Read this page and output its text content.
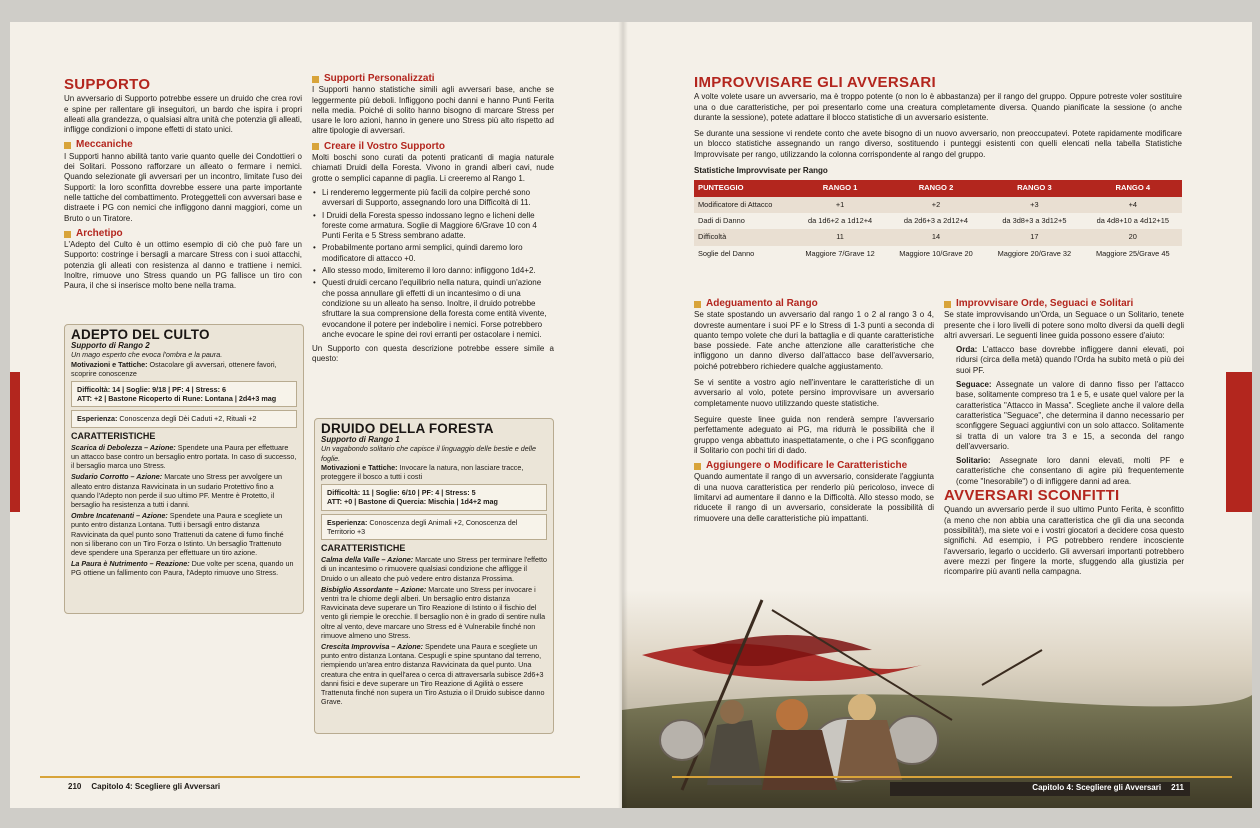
SUPPORTO

Un avversario di Supporto potrebbe essere un druido che crea rovi e spine per rallentare gli inseguitori, un bardo che ispira i propri alleati alla grandezza, o qualsiasi altra unità che potenzia gli alleati, infligge condizioni o impone effetti di stato unici.

Meccaniche

I Supporti hanno abilità tanto varie quanto quelle dei Condottieri o dei Solitari. Possono rafforzare un alleato o fermare i nemici. Quando selezionate gli avversari per un incontro, limitate l'uso dei Supporti: la loro sconfitta dovrebbe essere una parte importante nelle tattiche del combattimento. Proteggetteli con avversari base e distraete i PG con nemici che infliggono danni maggiori, come un Bruto o un Tiratore.

Archetipo

L'Adepto del Culto è un ottimo esempio di ciò che può fare un Supporto: costringe i bersagli a marcare Stress con i suoi attacchi, potenzia gli alleati con resistenza al danno e trattiene i nemici. Inoltre, rimuove uno Stress quando un PG fallisce un tiro con Paura, il che si inserisce molto bene nella trama.

ADEPTO DEL CULTO
Supporto di Rango 2
Un mago esperto che evoca l'ombra e la paura.
Motivazioni e Tattiche: Ostacolare gli avversari, ottenere favori, scoprire conoscenze
Difficoltà: 14 | Soglie: 9/18 | PF: 4 | Stress: 6
ATT: +2 | Bastone Ricoperto di Rune: Lontana | 2d4+3 mag
Esperienza: Conoscenza degli Dèi Caduti +2, Rituali +2
CARATTERISTICHE
Scarica di Debolezza – Azione: Spendete una Paura per effettuare un attacco base contro un bersaglio entro portata. In caso di successo, il bersaglio marca uno Stress.
Sudario Corrotto – Azione: Marcate uno Stress per avvolgere un alleato entro distanza Ravvicinata in un sudario Protettivo fino a quando l'Adepto non perde il suo ultimo PF. Mentre è Protetto, il bersaglio ha resistenza a tutti i danni.
Ombre Incatenanti – Azione: Spendete una Paura e scegliete un punto entro distanza Lontana. Tutti i bersagli entro distanza Ravvicinata da quel punto sono Trattenuti da catene di fumo finché non si liberano con un Tiro Forza o Istinto. Un bersaglio Trattenuto deve spendere una Speranza per effettuare un tiro azione.
La Paura è Nutrimento – Reazione: Due volte per scena, quando un PG ottiene un fallimento con Paura, l'Adepto rimuove uno Stress.
Supporti Personalizzati

I Supporti hanno statistiche simili agli avversari base, anche se leggermente più deboli. Infliggono pochi danni e hanno Punti Ferita nella media. Poiché di solito hanno bisogno di marcare Stress per usare le loro azioni, hanno in genere uno Stress più alto rispetto ad altre tipologie di avversari.

Creare il Vostro Supporto

Molti boschi sono curati da potenti praticanti di magia naturale chiamati Druidi della Foresta. Vivono in grandi alberi cavi, nude grotte o semplici capanne di paglia. Li creeremo al Rango 1.

• Li renderemo leggermente più facili da colpire perché sono avversari di Supporto, assegnando loro una Difficoltà di 11.
• I Druidi della Foresta spesso indossano legno e licheni delle foreste come armatura. Soglie di Maggiore 6/Grave 10 con 4 Punti Ferita e 5 Stress sembrano adatte.
• Probabilmente portano armi semplici, quindi daremo loro modificatore di attacco +0.
• Allo stesso modo, limiteremo il loro danno: infliggono 1d4+2.
• Questi druidi cercano l'equilibrio nella natura, quindi un'azione che possa annullare gli effetti di un incantesimo o di una condizione su un alleato ha senso. Inoltre, il druido potrebbe sfruttare la sua comprensione della foresta come entità vivente, evocandone il potere per indebolire i nemici. Forse potrebbero anche evocare le spine dei rovi erranti per ostacolare i nemici.

Un Supporto con questa descrizione potrebbe essere simile a questo:

DRUIDO DELLA FORESTA
Supporto di Rango 1
Un vagabondo solitario che capisce il linguaggio delle bestie e delle foglie.
Motivazioni e Tattiche: Invocare la natura, non lasciare tracce, proteggere il bosco a tutti i costi
Difficoltà: 11 | Soglie: 6/10 | PF: 4 | Stress: 5
ATT: +0 | Bastone di Quercia: Mischia | 1d4+2 mag
Esperienza: Conoscenza degli Animali +2, Conoscenza del Territorio +3
CARATTERISTICHE
Calma della Valle – Azione: Marcate uno Stress per terminare l'effetto di un incantesimo o rimuovere qualsiasi condizione che affligge il Druido o un alleato che può vedere entro distanza Prossima.
Bisbiglio Assordante – Azione: Marcate uno Stress per invocare i ventri tra le chiome degli alberi. Un bersaglio entro distanza Ravvicinata deve superare un Tiro Reazione di Istinto o il fischio del vento gli riempie le orecchie. Il bersaglio non è in grado di sentire nulla oltre al vento, deve marcare uno Stress ed è Vulnerabile finché non rimuove almeno uno Stress.
Crescita Improvvisa – Azione: Spendete una Paura e scegliete un punto entro distanza Lontana. Cespugli e spine spuntano dal terreno, riempiendo un'area entro distanza Ravvicinata da quel punto. Una creatura che entra in quell'area o cerca di attraversarla subisce 2d6+3 danni fisici e deve superare un Tiro Reazione di Agilità o essere Trattenuta finché non supera un Tiro Astuzia o il Druido subisce danno Grave.
210 Capitolo 4: Scegliere gli Avversari
IMPROVVISARE GLI AVVERSARI

A volte volete usare un avversario, ma è troppo potente (o non lo è abbastanza) per il rango del gruppo. Oppure potreste voler sostituire una o due caratteristiche, per poi presentarlo come una creatura completamente diversa. Quando pianificate la sessione (o anche durante la sessione), potete adattare il blocco statistiche di un avversario esistente.

Se durante una sessione vi rendete conto che avete bisogno di un nuovo avversario, non preoccupatevi. Potete rapidamente modificare un blocco statistiche assegnando un rango diverso, sostituendo i punteggi esistenti con quelli elencati nella tabella Statistiche Improvvisate per rango, utilizzando la colonna corrispondente al rango del gruppo.

Statistiche Improvvisate per Rango
PUNTEGGIO	RANGO 1	RANGO 2	RANGO 3	RANGO 4
Modificatore di Attacco	+1	+2	+3	+4
Dadi di Danno	da 1d6+2 a 1d12+4	da 2d6+3 a 2d12+4	da 3d8+3 a 3d12+5	da 4d8+10 a 4d12+15
Difficoltà	11	14	17	20
Soglie del Danno	Maggiore 7/Grave 12	Maggiore 10/Grave 20	Maggiore 20/Grave 32	Maggiore 25/Grave 45
Adeguamento al Rango

Se state spostando un avversario dal rango 1 o 2 al rango 3 o 4, dovreste aumentare i suoi PF e lo Stress di 1-3 punti a seconda di quanto tempo volete che duri la battaglia e di quante caratteristiche base possiede. Fate anche attenzione alle caratteristiche che infliggono un danno diverso dall'attacco base dell'avversario, poiché potrebbero richiedere qualche aggiustamento.

Se vi sentite a vostro agio nell'inventare le caratteristiche di un avversario al volo, potete persino improvvisare un avversario completamente nuovo utilizzando queste statistiche.

Seguire queste linee guida non renderà sempre l'avversario perfettamente adeguato ai PG, ma ridurrà le possibilità che il gruppo venga abbattuto inaspettatamente, o che i PG sconfiggano il Solitario con pochi tiri di dado.

Aggiungere o Modificare le Caratteristiche

Quando aumentate il rango di un avversario, considerate l'aggiunta di una nuova caratteristica per renderlo più pericoloso, invece di limitarvi ad aumentare il danno e la Difficoltà. Allo stesso modo, se riducete il rango di un avversario, considerate la possibilità di rimuovere una delle caratteristiche più impattanti.

Improvvisare Orde, Seguaci e Solitari

Se state improvvisando un'Orda, un Seguace o un Solitario, tenete presente che i loro livelli di potere sono molto diversi da quelli degli altri avversari. Le seguenti linee guida possono essere d'aiuto:

Orda: L'attacco base dovrebbe infliggere danni elevati, poi ridursi (circa della metà) quando l'Orda ha subito metà o più dei suoi PF.

Seguace: Assegnate un valore di danno fisso per l'attacco base, solitamente compreso tra 1 e 5, e usate quel valore per la caratteristica "Attacco in Massa". Scegliete anche il valore della caratteristica "Seguace", che determina il danno necessario per sconfiggere Seguaci aggiuntivi con un solo attacco. Solitamente si tratta di un valore tra 3 e 15, a seconda del rango dell'avversario.

Solitario: Assegnate loro danni elevati, molti PF e caratteristiche che consentano di agire più frequentemente (come "Inesorabile") o di infliggere danni ad area.

AVVERSARI SCONFITTI

Quando un avversario perde il suo ultimo Punto Ferita, è sconfitto (a meno che non abbia una caratteristica che gli dia una seconda possibilità!), ma siete voi e i vostri giocatori a decidere cosa questo significhi. Ad esempio, i PG potrebbero rendere incosciente l'avversario, legarlo o ucciderlo. Gli avversari importanti potrebbero avere mezzi per fingere la morte, sfuggendo alla giustizia per ricomparire più avanti nella campagna.

Capitolo 4: Scegliere gli Avversari 211
